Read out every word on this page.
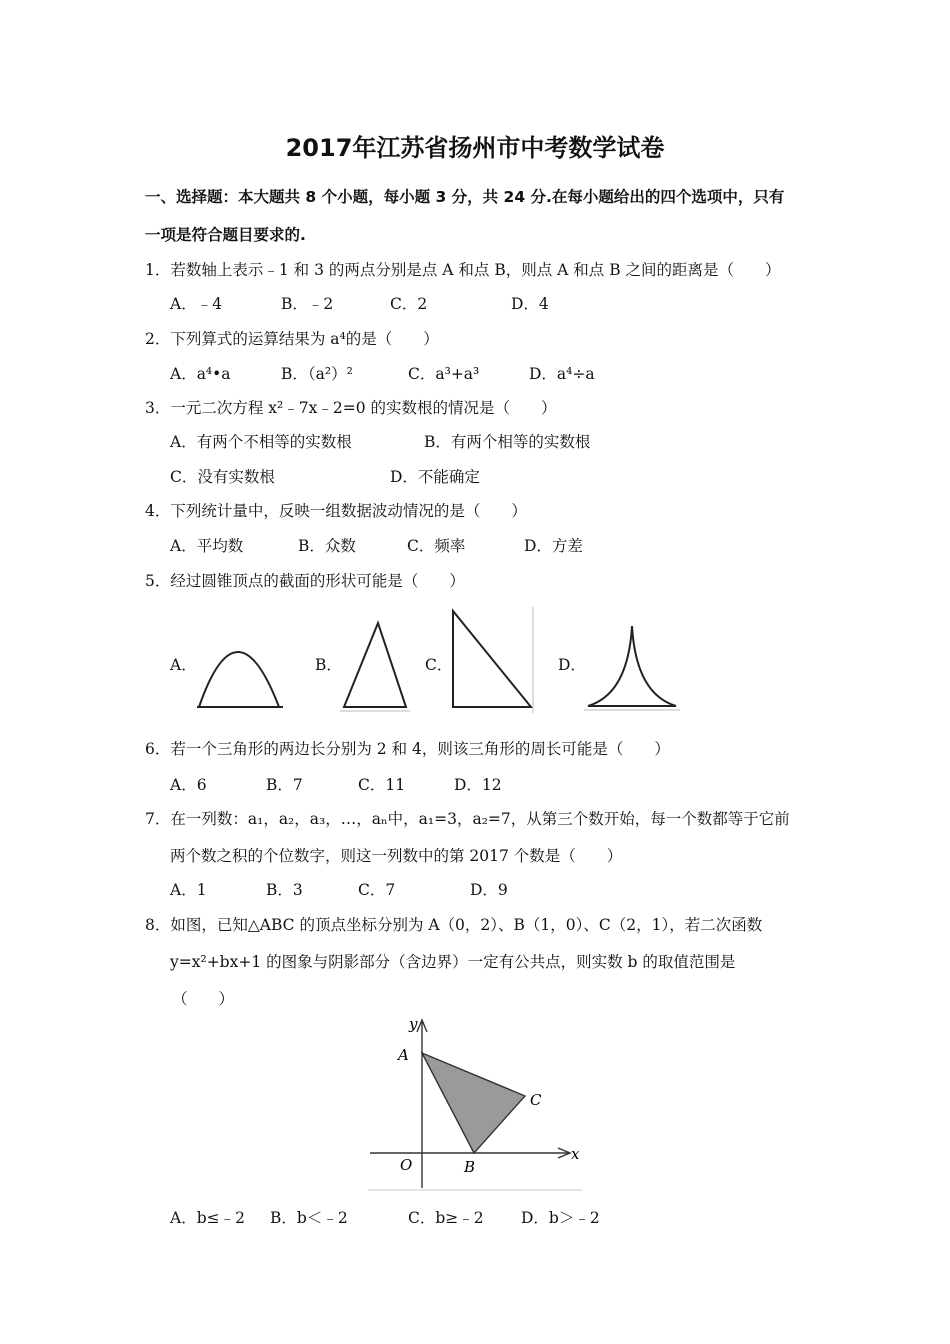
2017年江苏省扬州市中考数学试卷
一、选择题：本大题共 8 个小题，每小题 3 分，共 24 分.在每小题给出的四个选项中，只有
一项是符合题目要求的.
1．若数轴上表示﹣1 和 3 的两点分别是点 A 和点 B，则点 A 和点 B 之间的距离是（　　）
A．﹣4	B．﹣2	C．2	D．4
2．下列算式的运算结果为 a⁴的是（　　）
A．a⁴•a	B．（a²）²	C．a³+a³	D．a⁴÷a
3．一元二次方程 x²﹣7x﹣2=0 的实数根的情况是（　　）
A．有两个不相等的实数根	B．有两个相等的实数根
C．没有实数根	D．不能确定
4．下列统计量中，反映一组数据波动情况的是（　　）
A．平均数	B．众数	C．频率	D．方差
5．经过圆锥顶点的截面的形状可能是（　　）
A．	B．	C．	D．
6．若一个三角形的两边长分别为 2 和 4，则该三角形的周长可能是（　　）
A．6	B．7	C．11	D．12
7．在一列数：a₁，a₂，a₃，…，aₙ中，a₁=3，a₂=7，从第三个数开始，每一个数都等于它前
两个数之积的个位数字，则这一列数中的第 2017 个数是（　　）
A．1	B．3	C．7	D．9
8．如图，已知△ABC 的顶点坐标分别为 A（0，2）、B（1，0）、C（2，1），若二次函数
y=x²+bx+1 的图象与阴影部分（含边界）一定有公共点，则实数 b 的取值范围是
（　　）
y
x
A
B
C
O
A．b≤﹣2 B．b＜﹣2	C．b≥﹣2 D．b＞﹣2
